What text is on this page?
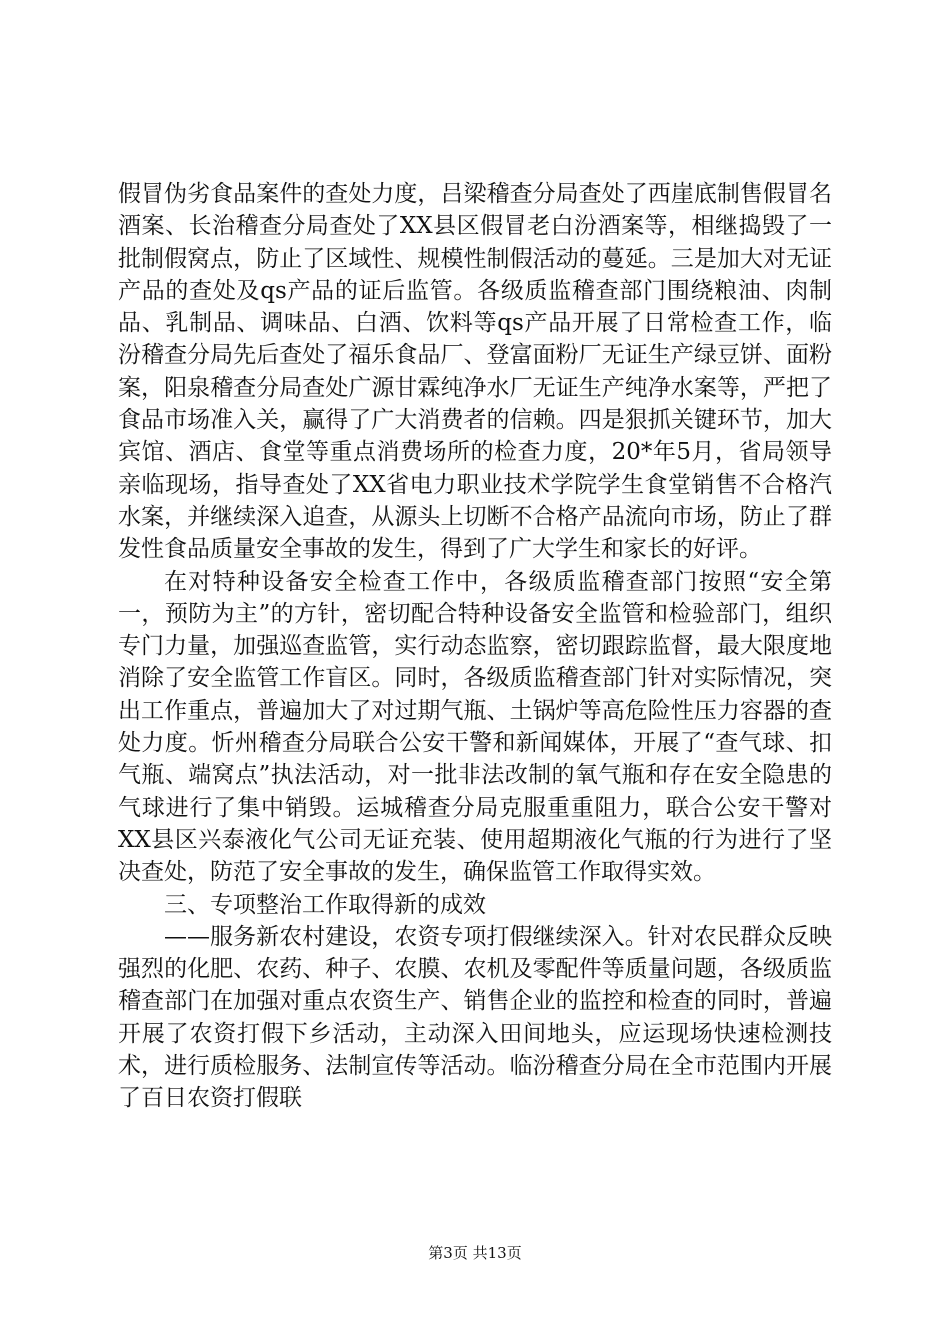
假冒伪劣食品案件的查处力度，吕梁稽查分局查处了西崖底制售假冒名酒案、长治稽查分局查处了XX县区假冒老白汾酒案等，相继捣毁了一批制假窝点，防止了区域性、规模性制假活动的蔓延。三是加大对无证产品的查处及qs产品的证后监管。各级质监稽查部门围绕粮油、肉制品、乳制品、调味品、白酒、饮料等qs产品开展了日常检查工作，临汾稽查分局先后查处了福乐食品厂、登富面粉厂无证生产绿豆饼、面粉案，阳泉稽查分局查处广源甘霖纯净水厂无证生产纯净水案等，严把了食品市场准入关，赢得了广大消费者的信赖。四是狠抓关键环节，加大宾馆、酒店、食堂等重点消费场所的检查力度，20*年5月，省局领导亲临现场，指导查处了XX省电力职业技术学院学生食堂销售不合格汽水案，并继续深入追查，从源头上切断不合格产品流向市场，防止了群发性食品质量安全事故的发生，得到了广大学生和家长的好评。

在对特种设备安全检查工作中，各级质监稽查部门按照“安全第一，预防为主”的方针，密切配合特种设备安全监管和检验部门，组织专门力量，加强巡查监管，实行动态监察，密切跟踪监督，最大限度地消除了安全监管工作盲区。同时，各级质监稽查部门针对实际情况，突出工作重点，普遍加大了对过期气瓶、土锅炉等高危险性压力容器的查处力度。忻州稽查分局联合公安干警和新闻媒体，开展了“查气球、扣气瓶、端窝点”执法活动，对一批非法改制的氧气瓶和存在安全隐患的气球进行了集中销毁。运城稽查分局克服重重阻力，联合公安干警对XX县区兴泰液化气公司无证充装、使用超期液化气瓶的行为进行了坚决查处，防范了安全事故的发生，确保监管工作取得实效。

三、专项整治工作取得新的成效

——服务新农村建设，农资专项打假继续深入。针对农民群众反映强烈的化肥、农药、种子、农膜、农机及零配件等质量问题，各级质监稽查部门在加强对重点农资生产、销售企业的监控和检查的同时，普遍开展了农资打假下乡活动，主动深入田间地头，应运现场快速检测技术，进行质检服务、法制宣传等活动。临汾稽查分局在全市范围内开展了百日农资打假联

第3页 共13页
